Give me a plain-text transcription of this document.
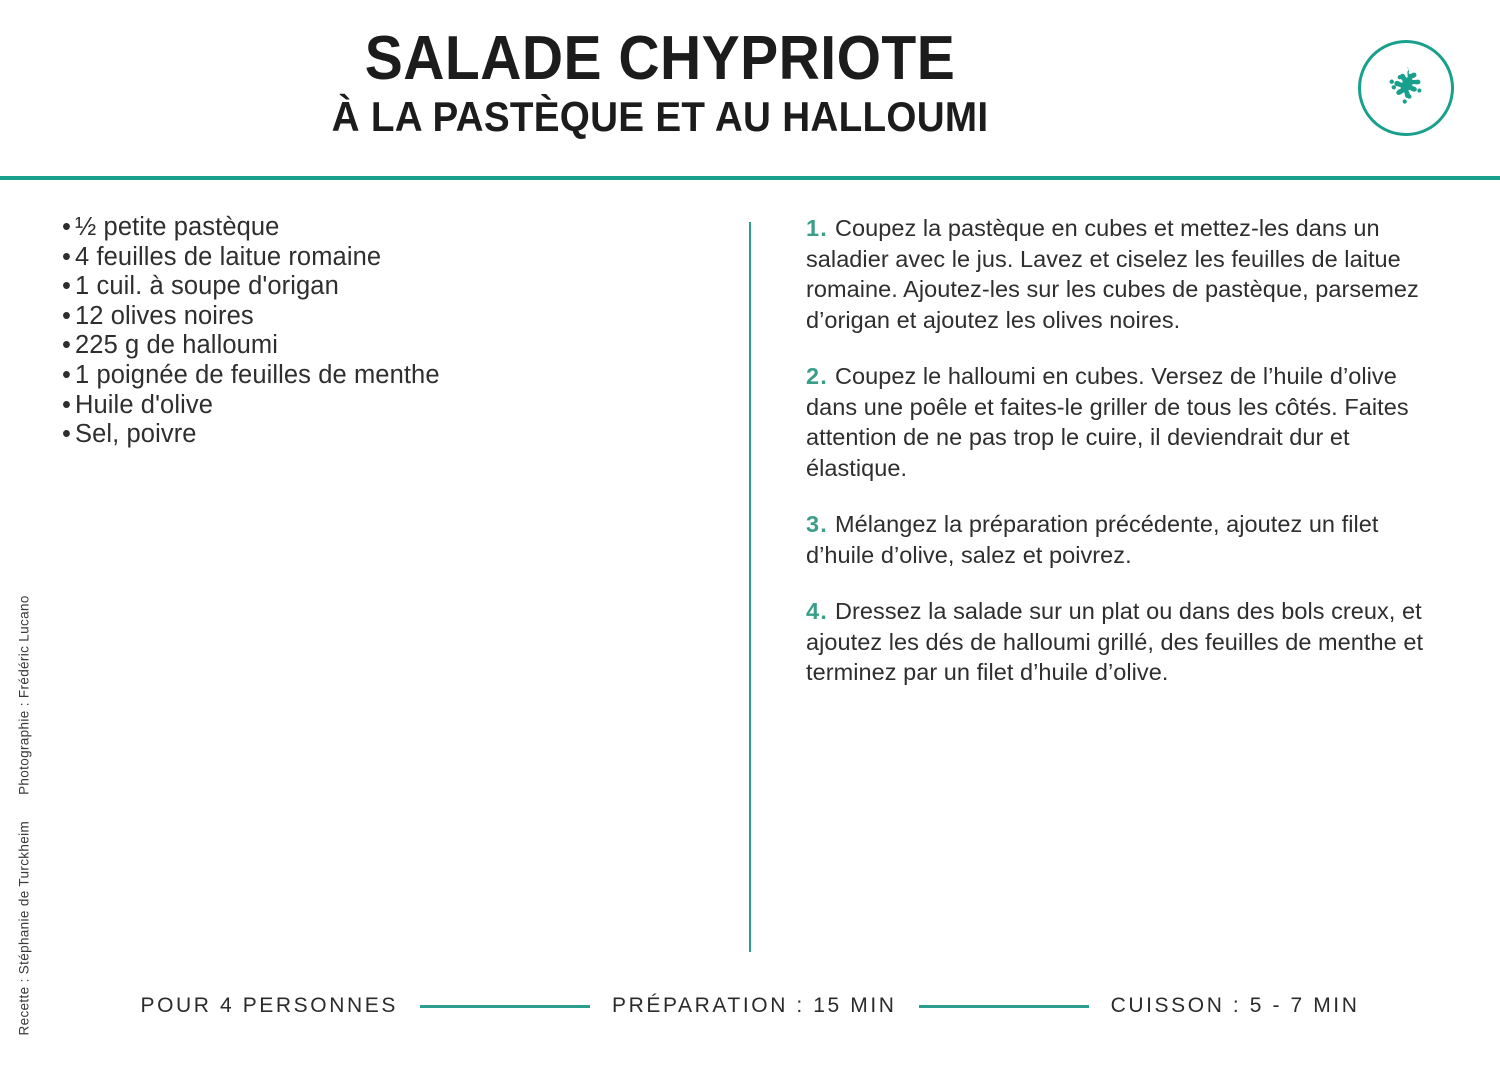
SALADE CHYPRIOTE
À LA PASTÈQUE ET AU HALLOUMI
• ½ petite pastèque
• 4 feuilles de laitue romaine
• 1 cuil. à soupe d'origan
• 12 olives noires
• 225 g de halloumi
• 1 poignée de feuilles de menthe
• Huile d'olive
• Sel, poivre
1. Coupez la pastèque en cubes et mettez-les dans un saladier avec le jus. Lavez et ciselez les feuilles de laitue romaine. Ajoutez-les sur les cubes de pastèque, parsemez d’origan et ajoutez les olives noires.
2. Coupez le halloumi en cubes. Versez de l’huile d’olive dans une poêle et faites-le griller de tous les côtés. Faites attention de ne pas trop le cuire, il deviendrait dur et élastique.
3. Mélangez la préparation précédente, ajoutez un filet d’huile d’olive, salez et poivrez.
4. Dressez la salade sur un plat ou dans des bols creux, et ajoutez les dés de halloumi grillé, des feuilles de menthe et terminez par un filet d’huile d’olive.
Recette : Stéphanie de Turckheim
Photographie : Frédéric Lucano
POUR 4 PERSONNES	PRÉPARATION : 15 MIN	CUISSON : 5 - 7 MIN
